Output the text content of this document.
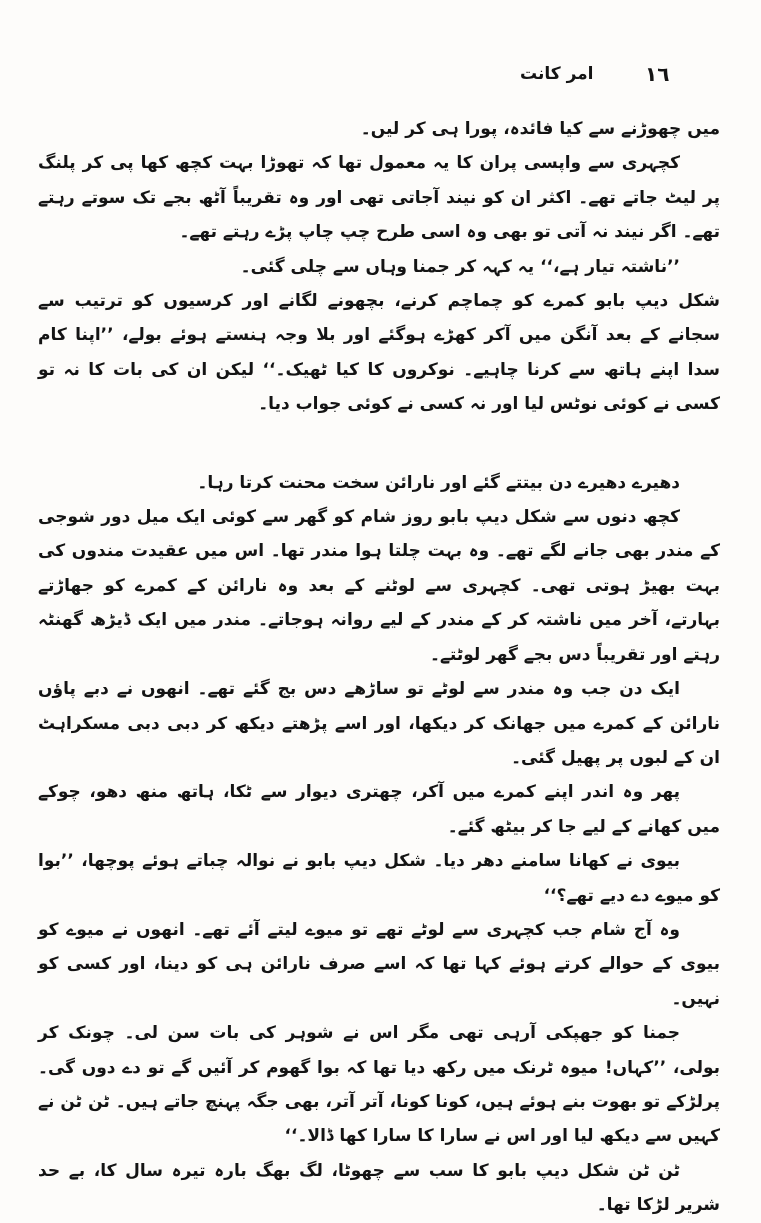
١٦
امر کانت

میں چھوڑنے سے کیا فائدہ، پورا ہی کر لیں۔

کچہری سے واپسی پران کا یہ معمول تھا کہ تھوڑا بہت کچھ کھا پی کر پلنگ پر لیٹ جاتے تھے۔ اکثر ان کو نیند آجاتی تھی اور وہ تقریباً آٹھ بجے تک سوتے رہتے تھے۔ اگر نیند نہ آتی تو بھی وہ اسی طرح چپ چاپ پڑے رہتے تھے۔

’’ناشتہ تیار ہے،‘‘ یہ کہہ کر جمنا وہاں سے چلی گئی۔

شکل دیپ بابو کمرے کو چماچم کرنے، بچھونے لگانے اور کرسیوں کو ترتیب سے سجانے کے بعد آنگن میں آکر کھڑے ہوگئے اور بلا وجہ ہنستے ہوئے بولے، ’’اپنا کام سدا اپنے ہاتھ سے کرنا چاہیے۔ نوکروں کا کیا ٹھیک۔‘‘ لیکن ان کی بات کا نہ تو کسی نے کوئی نوٹس لیا اور نہ کسی نے کوئی جواب دیا۔

دھیرے دھیرے دن بیتتے گئے اور نارائن سخت محنت کرتا رہا۔

کچھ دنوں سے شکل دیپ بابو روز شام کو گھر سے کوئی ایک میل دور شوجی کے مندر بھی جانے لگے تھے۔ وہ بہت چلتا ہوا مندر تھا۔ اس میں عقیدت مندوں کی بہت بھیڑ ہوتی تھی۔ کچہری سے لوٹنے کے بعد وہ نارائن کے کمرے کو جھاڑتے بہارتے، آخر میں ناشتہ کر کے مندر کے لیے روانہ ہوجاتے۔ مندر میں ایک ڈیڑھ گھنٹہ رہتے اور تقریباً دس بجے گھر لوٹتے۔

ایک دن جب وہ مندر سے لوٹے تو ساڑھے دس بج گئے تھے۔ انھوں نے دبے پاؤں نارائن کے کمرے میں جھانک کر دیکھا، اور اسے پڑھتے دیکھ کر دبی دبی مسکراہٹ ان کے لبوں پر پھیل گئی۔

پھر وہ اندر اپنے کمرے میں آکر، چھتری دیوار سے ٹکا، ہاتھ منھ دھو، چوکے میں کھانے کے لیے جا کر بیٹھ گئے۔

بیوی نے کھانا سامنے دھر دیا۔ شکل دیپ بابو نے نوالہ چباتے ہوئے پوچھا، ’’بوا کو میوے دے دیے تھے؟‘‘

وہ آج شام جب کچہری سے لوٹے تھے تو میوے لیتے آئے تھے۔ انھوں نے میوے کو بیوی کے حوالے کرتے ہوئے کہا تھا کہ اسے صرف نارائن ہی کو دینا، اور کسی کو نہیں۔

جمنا کو جھپکی آرہی تھی مگر اس نے شوہر کی بات سن لی۔ چونک کر بولی، ’’کہاں! میوہ ٹرنک میں رکھ دیا تھا کہ بوا گھوم کر آئیں گے تو دے دوں گی۔ پرلڑکے تو بھوت بنے ہوئے ہیں، کونا کونا، آتر آتر، بھی جگہ پہنچ جاتے ہیں۔ ٹن ٹن نے کہیں سے دیکھ لیا اور اس نے سارا کا سارا کھا ڈالا۔‘‘

ٹن ٹن شکل دیپ بابو کا سب سے چھوٹا، لگ بھگ بارہ تیرہ سال کا، بے حد شریر لڑکا تھا۔
